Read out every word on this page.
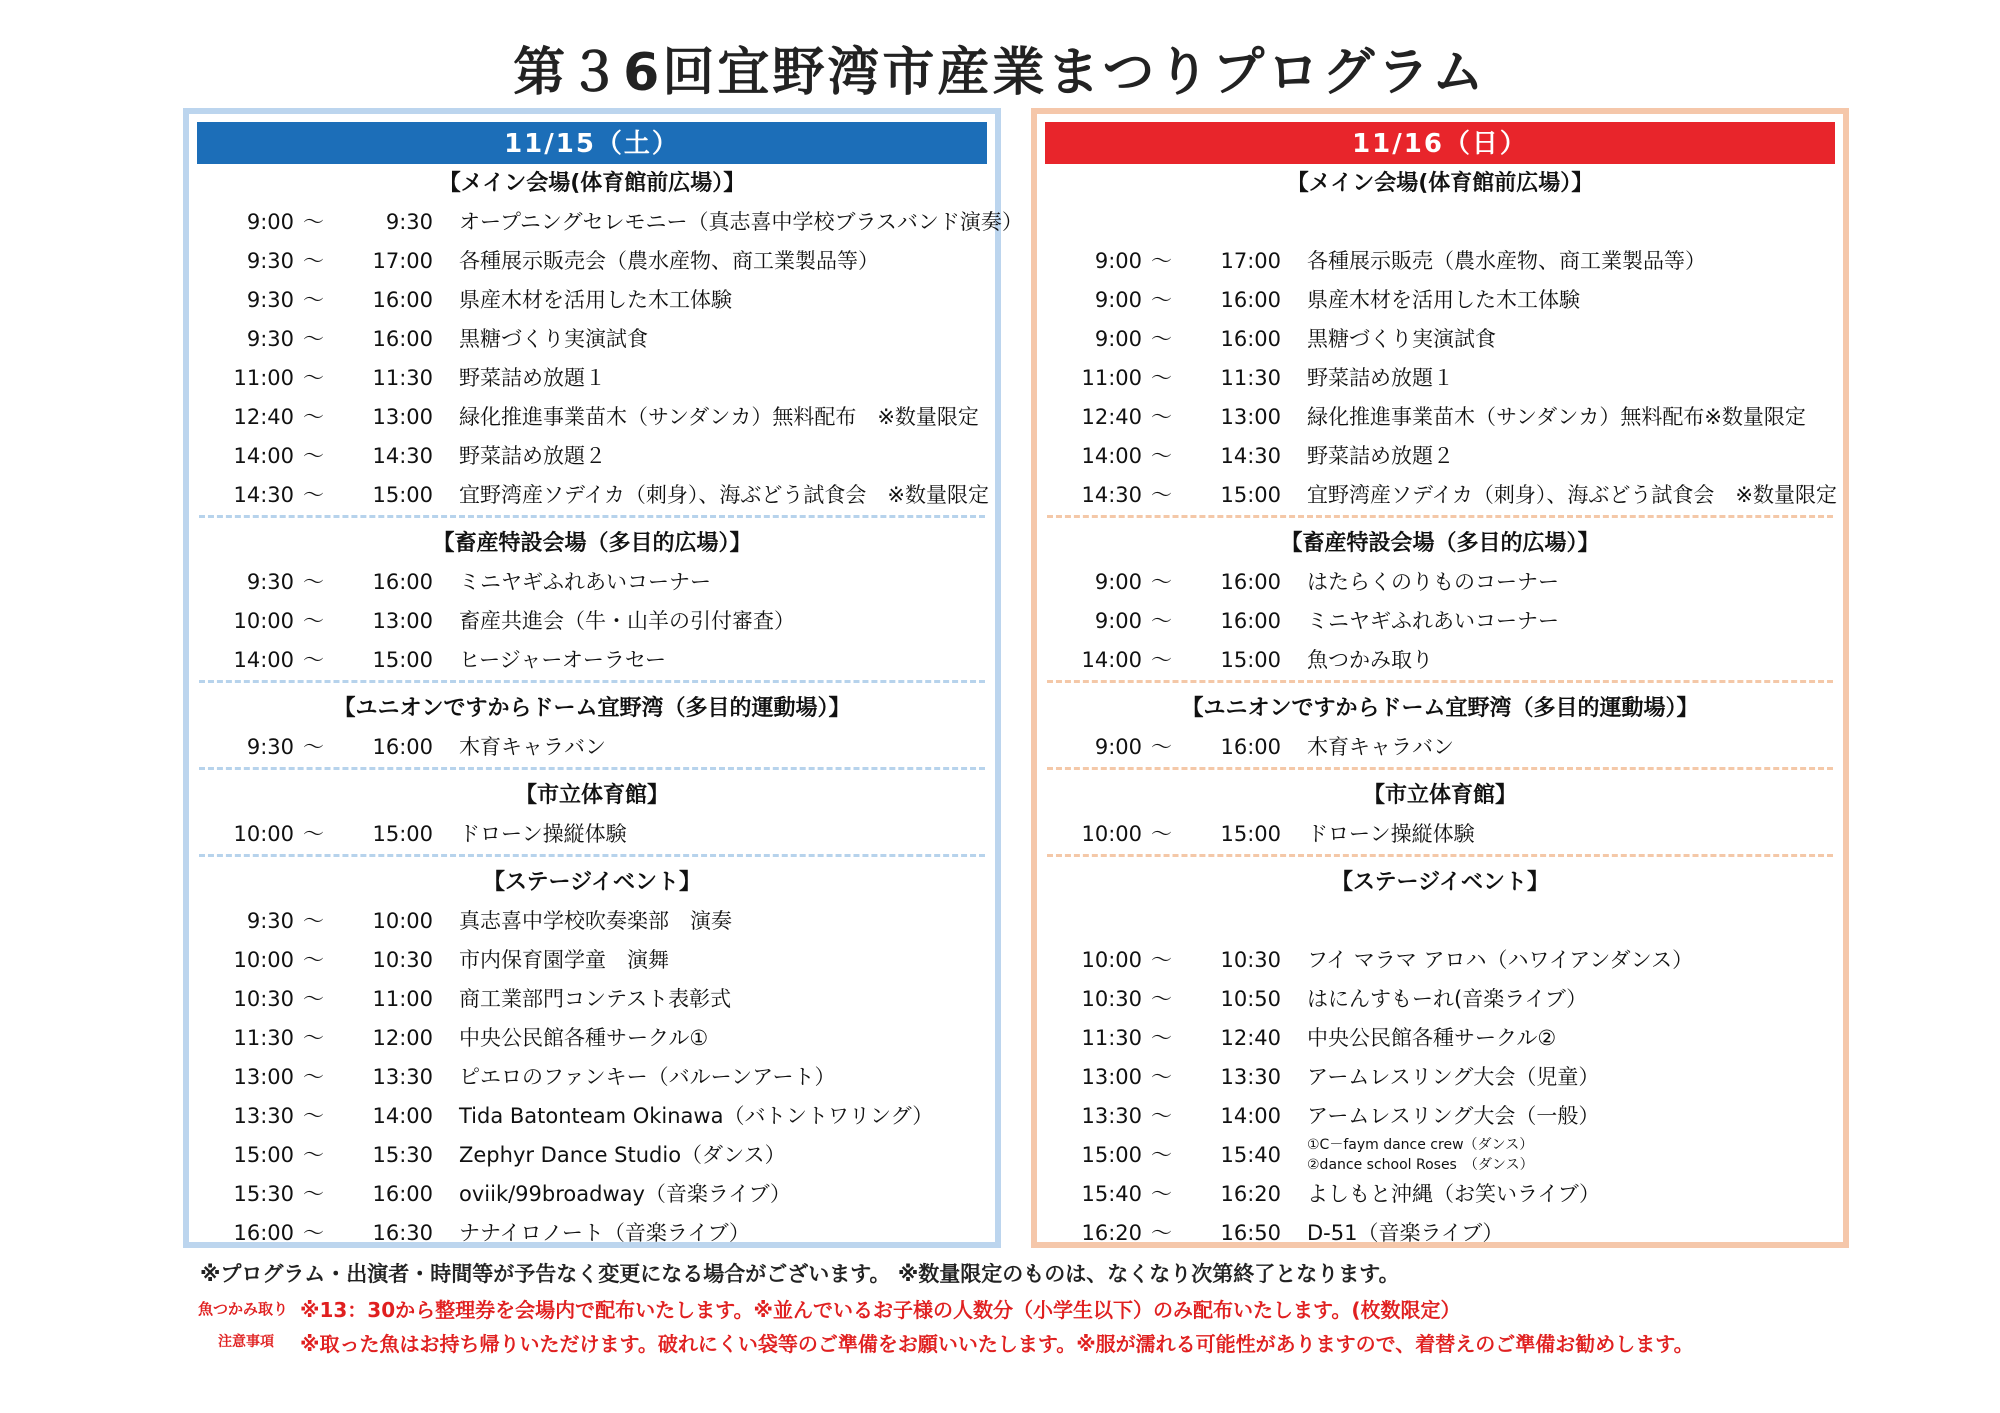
第３6回宜野湾市産業まつりプログラム
11/15（土）
【メイン会場(体育館前広場）】
9:00 ～	9:30 オープニングセレモニー（真志喜中学校ブラスバンド演奏）
9:30 ～	17:00 各種展示販売会（農水産物、商工業製品等）
9:30 ～	16:00 県産木材を活用した木工体験
9:30 ～	16:00 黒糖づくり実演試食
11:00 ～	11:30 野菜詰め放題１
12:40 ～	13:00 緑化推進事業苗木（サンダンカ）無料配布　※数量限定
14:00 ～	14:30 野菜詰め放題２
14:30 ～	15:00 宜野湾産ソデイカ（刺身）、海ぶどう試食会　※数量限定
【畜産特設会場（多目的広場）】
9:30 ～	16:00 ミニヤギふれあいコーナー
10:00 ～	13:00 畜産共進会（牛・山羊の引付審査）
14:00 ～	15:00 ヒージャーオーラセー
【ユニオンですからドーム宜野湾（多目的運動場）】
9:30 ～	16:00 木育キャラバン
【市立体育館】
10:00 ～	15:00 ドローン操縦体験
【ステージイベント】
9:30 ～	10:00 真志喜中学校吹奏楽部　演奏
10:00 ～	10:30 市内保育園学童　演舞
10:30 ～	11:00 商工業部門コンテスト表彰式
11:30 ～	12:00 中央公民館各種サークル①
13:00 ～	13:30 ピエロのファンキー（バルーンアート）
13:30 ～	14:00 Tida Batonteam Okinawa（バトントワリング）
15:00 ～	15:30 Zephyr Dance Studio（ダンス）
15:30 ～	16:00 oviik/99broadway（音楽ライブ）
16:00 ～	16:30 ナナイロノート（音楽ライブ）
11/16（日）
【メイン会場(体育館前広場）】
9:00 ～	17:00 各種展示販売（農水産物、商工業製品等）
9:00 ～	16:00 県産木材を活用した木工体験
9:00 ～	16:00 黒糖づくり実演試食
11:00 ～	11:30 野菜詰め放題１
12:40 ～	13:00 緑化推進事業苗木（サンダンカ）無料配布※数量限定
14:00 ～	14:30 野菜詰め放題２
14:30 ～	15:00 宜野湾産ソデイカ（刺身）、海ぶどう試食会　※数量限定
【畜産特設会場（多目的広場）】
9:00 ～	16:00 はたらくのりものコーナー
9:00 ～	16:00 ミニヤギふれあいコーナー
14:00 ～	15:00 魚つかみ取り
【ユニオンですからドーム宜野湾（多目的運動場）】
9:00 ～	16:00 木育キャラバン
【市立体育館】
10:00 ～	15:00 ドローン操縦体験
【ステージイベント】
10:00 ～	10:30 フイ マラマ アロハ（ハワイアンダンス）
10:30 ～	10:50 はにんすもーれ(音楽ライブ）
11:30 ～	12:40 中央公民館各種サークル②
13:00 ～	13:30 アームレスリング大会（児童）
13:30 ～	14:00 アームレスリング大会（一般）
15:00 ～	15:40 ①C－faym dance crew（ダンス）
②dance school Roses　（ダンス）
15:40 ～	16:20 よしもと沖縄（お笑いライブ）
16:20 ～	16:50 D-51（音楽ライブ）
※プログラム・出演者・時間等が予告なく変更になる場合がございます。 ※数量限定のものは、なくなり次第終了となります。
魚つかみ取り
注意事項
※13：30から整理券を会場内で配布いたします。※並んでいるお子様の人数分（小学生以下）のみ配布いたします。(枚数限定）
※取った魚はお持ち帰りいただけます。破れにくい袋等のご準備をお願いいたします。※服が濡れる可能性がありますので、着替えのご準備お勧めします。
